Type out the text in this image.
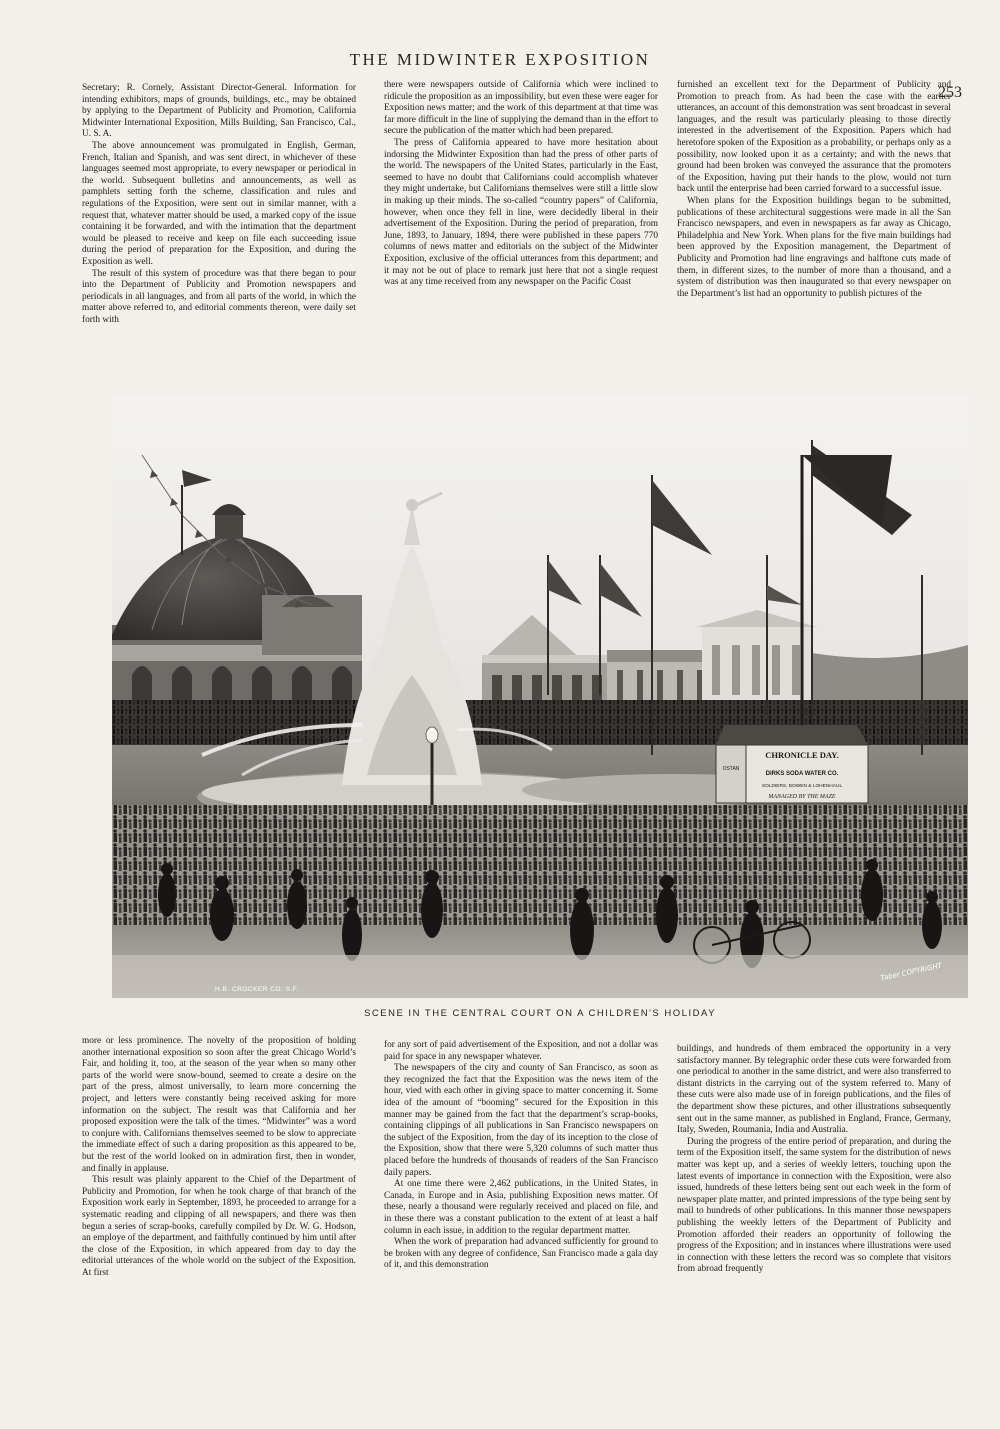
THE MIDWINTER EXPOSITION
253

Secretary; R. Cornely, Assistant Director-General. Information for intending exhibitors, maps of grounds, buildings, etc., may be obtained by applying to the Department of Publicity and Promotion, California Midwinter International Exposition, Mills Building, San Francisco, Cal., U. S. A.

The above announcement was promulgated in English, German, French, Italian and Spanish, and was sent direct, in whichever of these languages seemed most appropriate, to every newspaper or periodical in the world. Subsequent bulletins and announcements, as well as pamphlets setting forth the scheme, classification and rules and regulations of the Exposition, were sent out in similar manner, with a request that, whatever matter should be used, a marked copy of the issue containing it be forwarded, and with the intimation that the department would be pleased to receive and keep on file each succeeding issue during the period of preparation for the Exposition, and during the Exposition as well.

The result of this system of procedure was that there began to pour into the Department of Publicity and Promotion newspapers and periodicals in all languages, and from all parts of the world, in which the matter above referred to, and editorial comments thereon, were daily set forth with

there were newspapers outside of California which were inclined to ridicule the proposition as an impossibility, but even these were eager for Exposition news matter; and the work of this department at that time was far more difficult in the line of supplying the demand than in the effort to secure the publication of the matter which had been prepared.

The press of California appeared to have more hesitation about indorsing the Midwinter Exposition than had the press of other parts of the world. The newspapers of the United States, particularly in the East, seemed to have no doubt that Californians could accomplish whatever they might undertake, but Californians themselves were still a little slow in making up their minds. The so-called “country papers” of California, however, when once they fell in line, were decidedly liberal in their advertisement of the Exposition. During the period of preparation, from June, 1893, to January, 1894, there were published in these papers 770 columns of news matter and editorials on the subject of the Midwinter Exposition, exclusive of the official utterances from this department; and it may not be out of place to remark just here that not a single request was at any time received from any newspaper on the Pacific Coast

furnished an excellent text for the Department of Publicity and Promotion to preach from. As had been the case with the earlier utterances, an account of this demonstration was sent broadcast in several languages, and the result was particularly pleasing to those directly interested in the advertisement of the Exposition. Papers which had heretofore spoken of the Exposition as a probability, or perhaps only as a possibility, now looked upon it as a certainty; and with the news that ground had been broken was conveyed the assurance that the promoters of the Exposition, having put their hands to the plow, would not turn back until the enterprise had been carried forward to a successful issue.

When plans for the Exposition buildings began to be submitted, publications of these architectural suggestions were made in all the San Francisco newspapers, and even in newspapers as far away as Chicago, Philadelphia and New York. When plans for the five main buildings had been approved by the Exposition management, the Department of Publicity and Promotion had line engravings and halftone cuts made of them, in different sizes, to the number of more than a thousand, and a system of distribution was then inaugurated so that every newspaper on the Department’s list had an opportunity to publish pictures of the

CHRONICLE DAY.
DIRKS SODA WATER CO.
SOLDIERS, BOWEN & LOHENHAUL
MANAGED BY THE MAZE
OSTAN
H.B. CROCKER CO. S.F.
Taber COPYRIGHT
SCENE IN THE CENTRAL COURT ON A CHILDREN'S HOLIDAY

more or less prominence. The novelty of the proposition of holding another international exposition so soon after the great Chicago World’s Fair, and holding it, too, at the season of the year when so many other parts of the world were snow-bound, seemed to create a desire on the part of the press, almost universally, to learn more concerning the project, and letters were constantly being received asking for more information on the subject. The result was that California and her proposed exposition were the talk of the times. “Midwinter” was a word to conjure with. Californians themselves seemed to be slow to appreciate the immediate effect of such a daring proposition as this appeared to be, but the rest of the world looked on in admiration first, then in wonder, and finally in applause.

This result was plainly apparent to the Chief of the Department of Publicity and Promotion, for when he took charge of that branch of the Exposition work early in September, 1893, he proceeded to arrange for a systematic reading and clipping of all newspapers, and there was then begun a series of scrap-books, carefully compiled by Dr. W. G. Hodson, an employe of the department, and faithfully continued by him until after the close of the Exposition, in which appeared from day to day the editorial utterances of the whole world on the subject of the Exposition. At first

for any sort of paid advertisement of the Exposition, and not a dollar was paid for space in any newspaper whatever.

The newspapers of the city and county of San Francisco, as soon as they recognized the fact that the Exposition was the news item of the hour, vied with each other in giving space to matter concerning it. Some idea of the amount of “booming” secured for the Exposition in this manner may be gained from the fact that the department’s scrap-books, containing clippings of all publications in San Francisco newspapers on the subject of the Exposition, from the day of its inception to the close of the Exposition, show that there were 5,320 columns of such matter thus placed before the hundreds of thousands of readers of the San Francisco daily papers.

At one time there were 2,462 publications, in the United States, in Canada, in Europe and in Asia, publishing Exposition news matter. Of these, nearly a thousand were regularly received and placed on file, and in these there was a constant publication to the extent of at least a half column in each issue, in addition to the regular department matter.

When the work of preparation had advanced sufficiently for ground to be broken with any degree of confidence, San Francisco made a gala day of it, and this demonstration

buildings, and hundreds of them embraced the opportunity in a very satisfactory manner. By telegraphic order these cuts were forwarded from one periodical to another in the same district, and were also transferred to distant districts in the carrying out of the system referred to. Many of these cuts were also made use of in foreign publications, and the files of the department show these pictures, and other illustrations subsequently sent out in the same manner, as published in England, France, Germany, Italy, Sweden, Roumania, India and Australia.

During the progress of the entire period of preparation, and during the term of the Exposition itself, the same system for the distribution of news matter was kept up, and a series of weekly letters, touching upon the latest events of importance in connection with the Exposition, were also issued, hundreds of these letters being sent out each week in the form of newspaper plate matter, and printed impressions of the type being sent by mail to hundreds of other publications. In this manner those newspapers publishing the weekly letters of the Department of Publicity and Promotion afforded their readers an opportunity of following the progress of the Exposition; and in instances where illustrations were used in connection with these letters the record was so complete that visitors from abroad frequently
